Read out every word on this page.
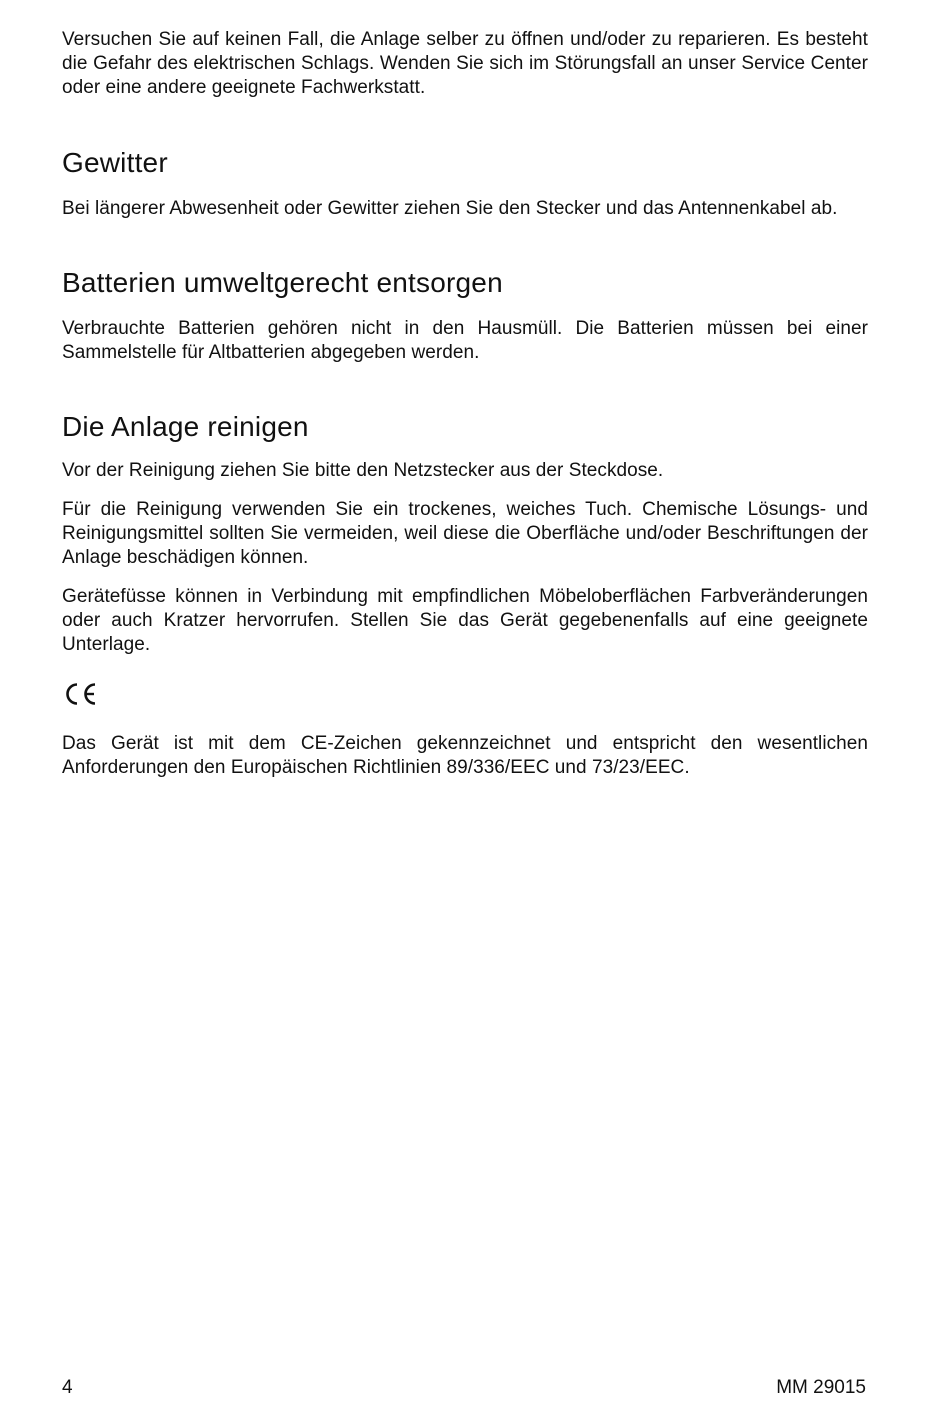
Versuchen Sie auf keinen Fall, die Anlage selber zu öffnen und/oder zu reparieren. Es besteht die Gefahr des elektrischen Schlags. Wenden Sie sich im Störungsfall an unser Service Center oder eine andere geeignete Fachwerkstatt.

Gewitter

Bei längerer Abwesenheit oder Gewitter ziehen Sie den Stecker und das Antennenkabel ab.

Batterien umweltgerecht entsorgen

Verbrauchte Batterien gehören nicht in den Hausmüll. Die Batterien müssen bei einer Sammelstelle für Altbatterien abgegeben werden.

Die Anlage reinigen

Vor der Reinigung ziehen Sie bitte den Netzstecker aus der Steckdose.

Für die Reinigung verwenden Sie ein trockenes, weiches Tuch. Chemische Lösungs- und Reinigungsmittel sollten Sie vermeiden, weil diese die Oberfläche und/oder Beschriftungen der Anlage beschädigen können.

Gerätefüsse können in Verbindung mit empfindlichen Möbeloberflächen Farbveränderungen oder auch Kratzer hervorrufen. Stellen Sie das Gerät gegebenenfalls auf eine geeignete Unterlage.

Das Gerät ist mit dem CE-Zeichen gekennzeichnet und entspricht den wesentlichen Anforderungen den Europäischen Richtlinien 89/336/EEC und 73/23/EEC.

4	MM 29015
